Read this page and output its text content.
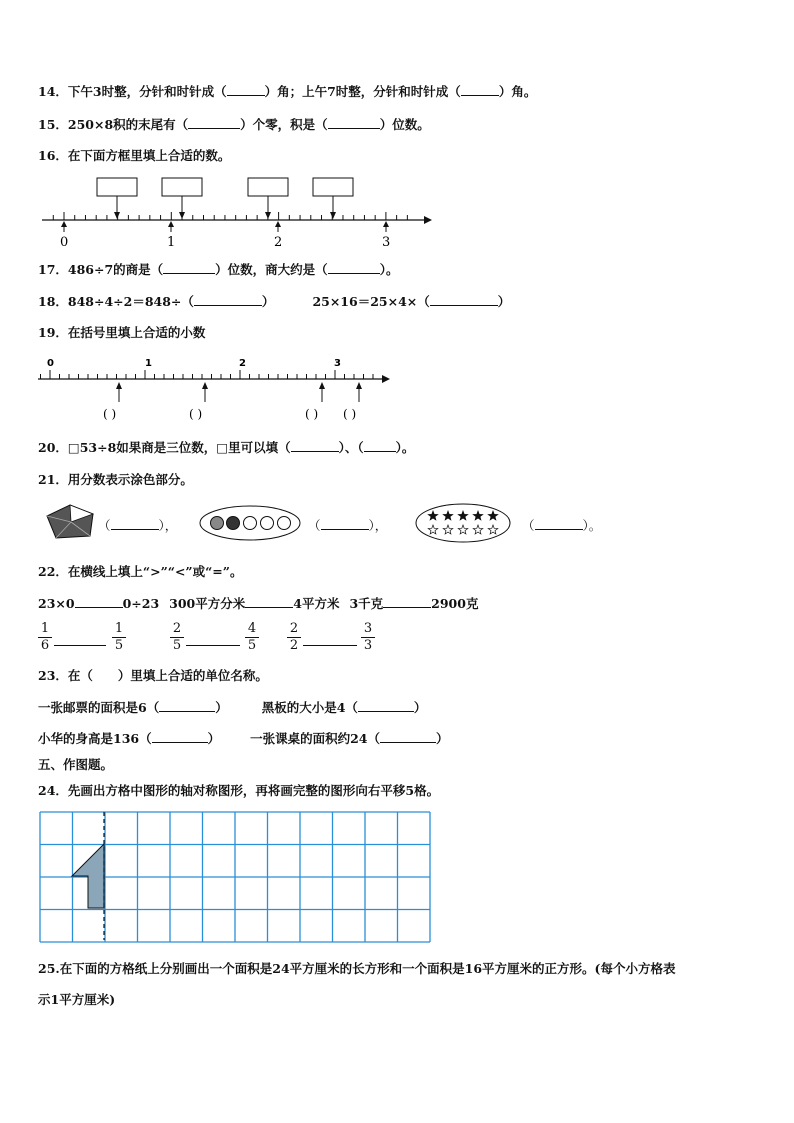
14．下午3时整，分针和时针成（	）角；上午7时整，分针和时针成（	）角。
15．250×8积的末尾有（	）个零，积是（	）位数。
16．在下面方框里填上合适的数。
0	1	2	3
17．486÷7的商是（	）位数，商大约是（	）。
18．848÷4÷2＝848÷（	）	25×16＝25×4×（	）
19．在括号里填上合适的小数
0	1	2	3
( )	( )	( ) ( )
20．□53÷8如果商是三位数，□里可以填（	）、（	）。
21．用分数表示涂色部分。
（	），	（	），	（	）。
22．在横线上填上“>”“<”或“=”。
23×0	0÷23 300平方分米	4平方米 3千克	2900克
1
6
1
5
2
5
4
5
2
2
3
3
23．在（　　）里填上合适的单位名称。
一张邮票的面积是6（	）	黑板的大小是4（	）
小华的身高是136（	） 一张课桌的面积约24（	）
五、作图题。
24．先画出方格中图形的轴对称图形，再将画完整的图形向右平移5格。
25.在下面的方格纸上分别画出一个面积是24平方厘米的长方形和一个面积是16平方厘米的正方形。(每个小方格表
示1平方厘米)
